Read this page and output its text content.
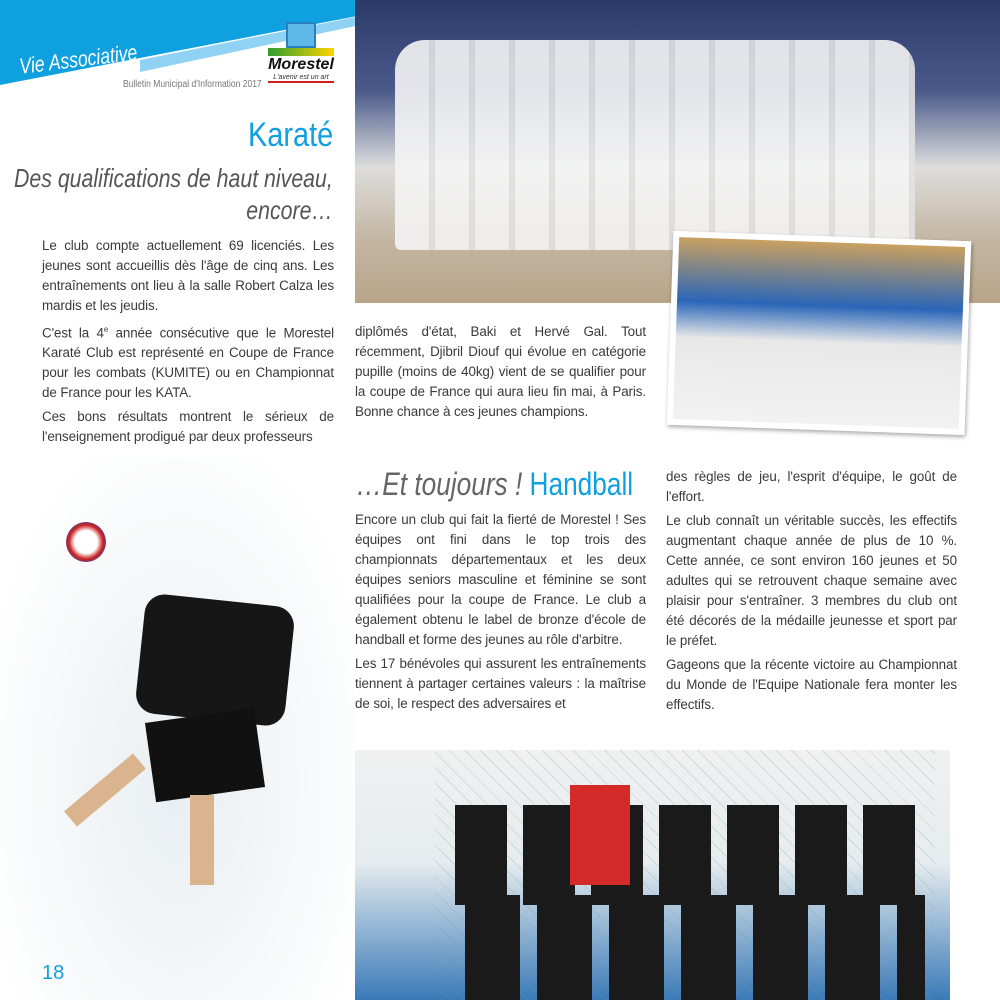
Vie Associative
Bulletin Municipal d'Information 2017
Morestel
L'avenir est un art
Karaté
Des qualifications de haut niveau,
encore…

Le club compte actuellement 69 licenciés. Les jeunes sont accueillis dès l'âge de cinq ans. Les entraînements ont lieu à la salle Robert Calza les mardis et les jeudis.

C'est la 4e année consécutive que le Morestel Karaté Club est représenté en Coupe de France pour les combats (KUMITE) ou en Championnat de France pour les KATA.

Ces bons résultats montrent le sérieux de l'enseignement prodigué par deux professeurs

diplômés d'état, Baki et Hervé Gal. Tout récemment, Djibril Diouf qui évolue en catégorie pupille (moins de 40kg) vient de se qualifier pour la coupe de France qui aura lieu fin mai, à Paris. Bonne chance à ces jeunes champions.

…Et toujours ! Handball

Encore un club qui fait la fierté de Morestel ! Ses équipes ont fini dans le top trois des championnats départementaux et les deux équipes seniors masculine et féminine se sont qualifiées pour la coupe de France. Le club a également obtenu le label de bronze d'école de handball et forme des jeunes au rôle d'arbitre.

Les 17 bénévoles qui assurent les entraînements tiennent à partager certaines valeurs : la maîtrise de soi, le respect des adversaires et

des règles de jeu, l'esprit d'équipe, le goût de l'effort.

Le club connaît un véritable succès, les effectifs augmentant chaque année de plus de 10 %. Cette année, ce sont environ 160 jeunes et 50 adultes qui se retrouvent chaque semaine avec plaisir pour s'entraîner. 3 membres du club ont été décorés de la médaille jeunesse et sport par le préfet.

Gageons que la récente victoire au Championnat du Monde de l'Equipe Nationale fera monter les effectifs.

18
